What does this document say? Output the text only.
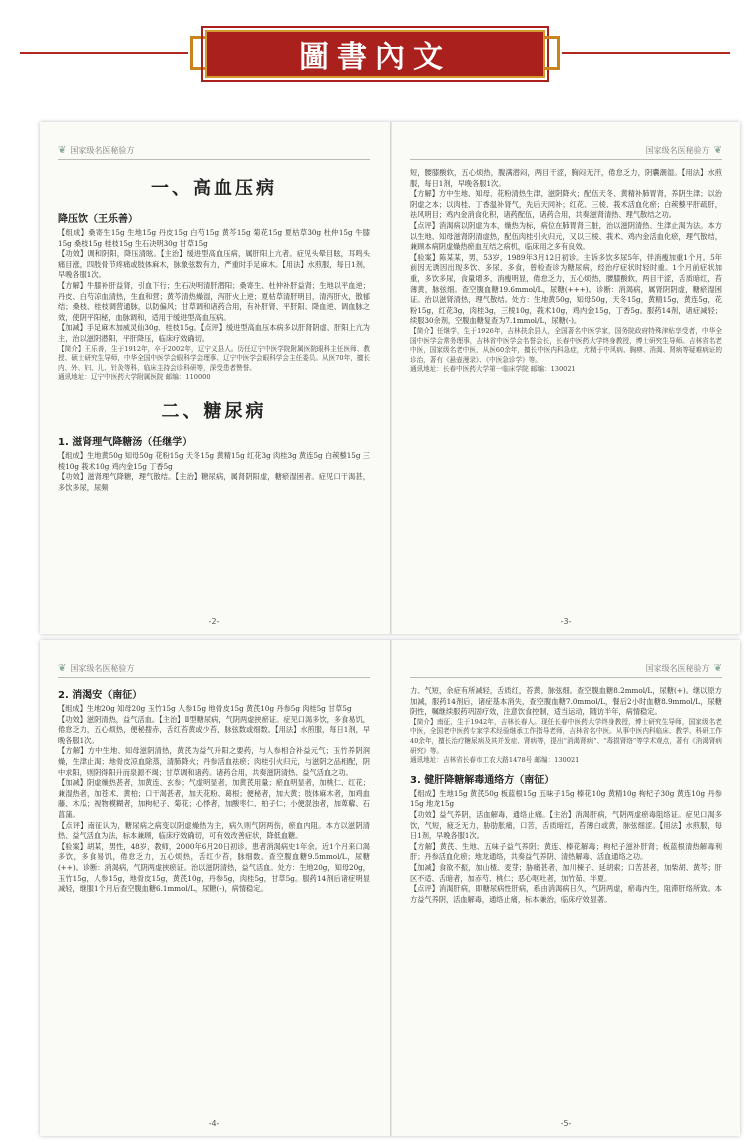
圖書內文
❦ 国家级名医秘验方
一、高血压病
降压饮（王乐善）

【组成】桑寄生15g 生地15g 丹皮15g 白芍15g 黄芩15g 菊花15g 夏枯草30g 杜仲15g 牛膝15g 桑枝15g 桂枝15g 生石决明30g 甘草15g

【功效】调和阴阳，降压清眩。【主治】缓进型高血压病，属肝阳上亢者。症见头晕目眩，耳鸣头痛目涨，四肢骨节疼痛或肢体麻木，脉象弦数有力，严重时手足麻木。【用法】水煎服，每日1剂，早晚各服1次。

【方解】牛膝补肝益肾，引血下行；生石决明清肝潜阳；桑寄生、杜仲补肝益肾；生地以平血逆；丹皮、白芍凉血清热，生血和营；黄芩清热燥湿，泻肝火上逆；夏枯草清肝明目，清泻肝火，散郁结；桑枝、桂枝调营通脉，以防偏风；甘草调和诸药合用，有补肝肾、平肝阳、降血逆、调血脉之效，使阴平阳秘，血脉调和，适用于缓进型高血压病。

【加减】手足麻木加威灵仙30g、桂枝15g。【点评】缓进型高血压本病多以肝肾阴虚、肝阳上亢为主，治以滋阴潜阳，平肝降压，临床疗效确切。

【简介】王乐善，生于1912年，卒于2002年，辽宁义县人。历任辽宁中医学院附属医院眼科主任医师、教授、硕士研究生导师，中华全国中医学会眼科学会理事、辽宁中医学会眼科学会主任委员。从医70年，擅长内、外、妇、儿、针灸等科，临床主持会诊科研等，深受患者赞誉。

通讯地址：辽宁中医药大学附属医院 邮编：110000

二、糖尿病
1. 滋肾理气降糖汤（任继学）

【组成】生地黄50g 知母50g 花粉15g 天冬15g 黄精15g 红花3g 肉桂3g 黄连5g 白蒺藜15g 三棱10g 莪术10g 鸡内金15g 丁香5g

【功效】滋肾理气降糖，理气散结。【主治】糖尿病，属肾阴阳虚，糖瘀湿困者。症见口干渴甚，多饮多尿，尿频

-2-
国家级名医秘验方 ❦

短，腰膝酸软，五心烦热，腹满潜闷，两目干涩，胸闷无汗，倦怠乏力，阴囊潮湿。【用法】水煎服，每日1剂，早晚各服1次。

【方解】方中生地、知母、花粉清热生津，滋阴降火；配伍天冬、黄精补肺胃肾，养阴生津；以治阴虚之本；以肉桂、丁香温补肾气，先后天同补；红花、三棱、莪术活血化瘀；白蒺藜平肝疏肝，祛风明目；鸡内金消食化积，诸药配伍，诸药合用，共奏滋肾清热、理气散结之功。

【点评】消渴病以阴虚为本，燥热为标，病位在肺胃肾三脏，治以滋阴清热、生津止渴为法。本方以生地、知母滋肾阴清虚热，配伍肉桂引火归元，又以三棱、莪术、鸡内金活血化瘀，理气散结，兼顾本病阴虚燥热瘀血互结之病机，临床用之多有良效。

【验案】陈某某，男，53岁，1989年3月12日初诊。主诉多饮多尿5年，伴消瘦加重1个月。5年前因无诱因出现多饮、多尿、多食，曾检查诊为糖尿病，经治疗症状时轻时重。1个月前症状加重，多饮多尿，食量增多，消瘦明显，倦怠乏力，五心烦热，腰膝酸软，两目干涩，舌质暗红，苔薄黄，脉弦细。查空腹血糖19.6mmol/L，尿糖(+++)。诊断：消渴病，属肾阴阴虚，糖瘀湿困证。治以滋肾清热，理气散结。处方：生地黄50g，知母50g，天冬15g，黄精15g，黄连5g，花粉15g，红花3g，肉桂3g，三棱10g，莪术10g，鸡内金15g，丁香5g。服药14剂，诸症减轻；续服30余剂，空腹血糖复查为7.1mmol/L，尿糖(-)。

【简介】任继学，生于1926年，吉林扶余县人，全国著名中医学家，国务院政府特殊津贴享受者，中华全国中医学会常务理事，吉林省中医学会名誉会长，长春中医药大学终身教授，博士研究生导师。吉林省名老中医，国家级名老中医，从医60余年，擅长中医内科急症，尤精于中风病、胸痹、消渴、肾病等疑难病证的诊治，著有《悬壶漫录》、《中医急诊学》等。

通讯地址：长春中医药大学第一临床学院 邮编：130021

-3-
❦ 国家级名医秘验方
2. 消渴安（南征）

【组成】生地20g 知母20g 玉竹15g 人参15g 地骨皮15g 黄芪10g 丹参5g 肉桂5g 甘草5g

【功效】滋阴清热，益气活血。【主治】Ⅱ型糖尿病，气阴两虚挟瘀证。症见口渴多饮，多食易饥，倦怠乏力，五心烦热，便秘搜赤，舌红苔黄或少苔，脉弦数或细数。【用法】水煎服，每日1剂，早晚各服1次。

【方解】方中生地、知母滋阴清热，黄芪为益气升阳之要药，与人参相合补益元气；玉竹养阴润燥，生津止渴；地骨皮凉血除蒸，清肺降火；丹参活血祛瘀；肉桂引火归元，与滋阴之品相配，阴中求阳，则阴得阳升而泉源不竭；甘草调和诸药。诸药合用，共奏滋阴清热、益气活血之功。

【加减】阴虚燥热甚者，加黄连、玄参；气虚明显者，加黄芪用量；瘀血明显者，加桃仁、红花；兼湿热者，加苍术、黄柏；口干渴甚者，加天花粉、葛根；便秘者，加大黄；肢体麻木者，加鸡血藤、木瓜；视物模糊者，加枸杞子、菊花；心悸者，加酸枣仁、柏子仁；小便混浊者，加萆薢、石菖蒲。

【点评】南征认为，糖尿病之病变以阴虚燥热为主，病久则气阴两伤，瘀血内阻。本方以滋阴清热、益气活血为法，标本兼顾，临床疗效确切，可有效改善症状，降低血糖。

【验案】胡某，男性，48岁，教师，2000年6月20日初诊。患者消渴病史1年余。近1个月来口渴多饮，多食易饥，倦怠乏力，五心烦热，舌红少苔，脉细数。查空腹血糖9.5mmol/L，尿糖(++)。诊断：消渴病，气阴两虚挟瘀证。治以滋阴清热，益气活血。处方：生地20g，知母20g，玉竹15g，人参15g，地骨皮15g，黄芪10g，丹参5g，肉桂5g，甘草5g。服药14剂后诸症明显减轻，继服1个月后查空腹血糖6.1mmol/L，尿糖(-)，病情稳定。

-4-
国家级名医秘验方 ❦

力、气短，余症有所减轻，舌质红，苔黄，脉弦细。查空腹血糖8.2mmol/L，尿糖(+)。继以原方加减，服药14剂后，诸症基本消失，查空腹血糖7.0mmol/L，餐后2小时血糖8.9mmol/L，尿糖阴性，嘱继续服药巩固疗效，注意饮食控制，适当运动，随访半年，病情稳定。

【简介】南征，生于1942年，吉林长春人。现任长春中医药大学终身教授，博士研究生导师，国家级名老中医，全国老中医药专家学术经验继承工作指导老师，吉林省名中医。从事中医内科临床、教学、科研工作40余年，擅长治疗糖尿病及其并发症、肾病等，提出“消渴肾病”、“毒损肾络”等学术观点，著有《消渴肾病研究》等。

通讯地址：吉林省长春市工农大路1478号 邮编：130021

3. 健肝降糖解毒通络方（南征）

【组成】生地15g 黄芪50g 板蓝根15g 五味子15g 榛花10g 黄精10g 枸杞子30g 黄连10g 丹参15g 地龙15g

【功效】益气养阴，活血解毒，通络止痛。【主治】消渴肝病，气阴两虚瘀毒阻络证。症见口渴多饮，气短，疲乏无力，胁肋胀痛，口苦，舌质暗红，苔薄白或黄，脉弦细涩。【用法】水煎服，每日1剂，早晚各服1次。

【方解】黄芪、生地、五味子益气养阴；黄连、榛花解毒；枸杞子滋补肝肾；板蓝根清热解毒利肝；丹参活血化瘀；地龙通络，共奏益气养阴、清热解毒、活血通络之功。

【加减】食欲不振，加山楂、麦芽；胁痛甚者，加川楝子、延胡索；口苦甚者，加柴胡、黄芩；肝区不适、舌暗者，加赤芍、桃仁；恶心呕吐者，加竹茹、半夏。

【点评】消渴肝病，即糖尿病性肝病，系由消渴病日久，气阴两虚，瘀毒内生，阻滞肝络所致。本方益气养阴，活血解毒，通络止痛，标本兼治，临床疗效显著。

-5-
